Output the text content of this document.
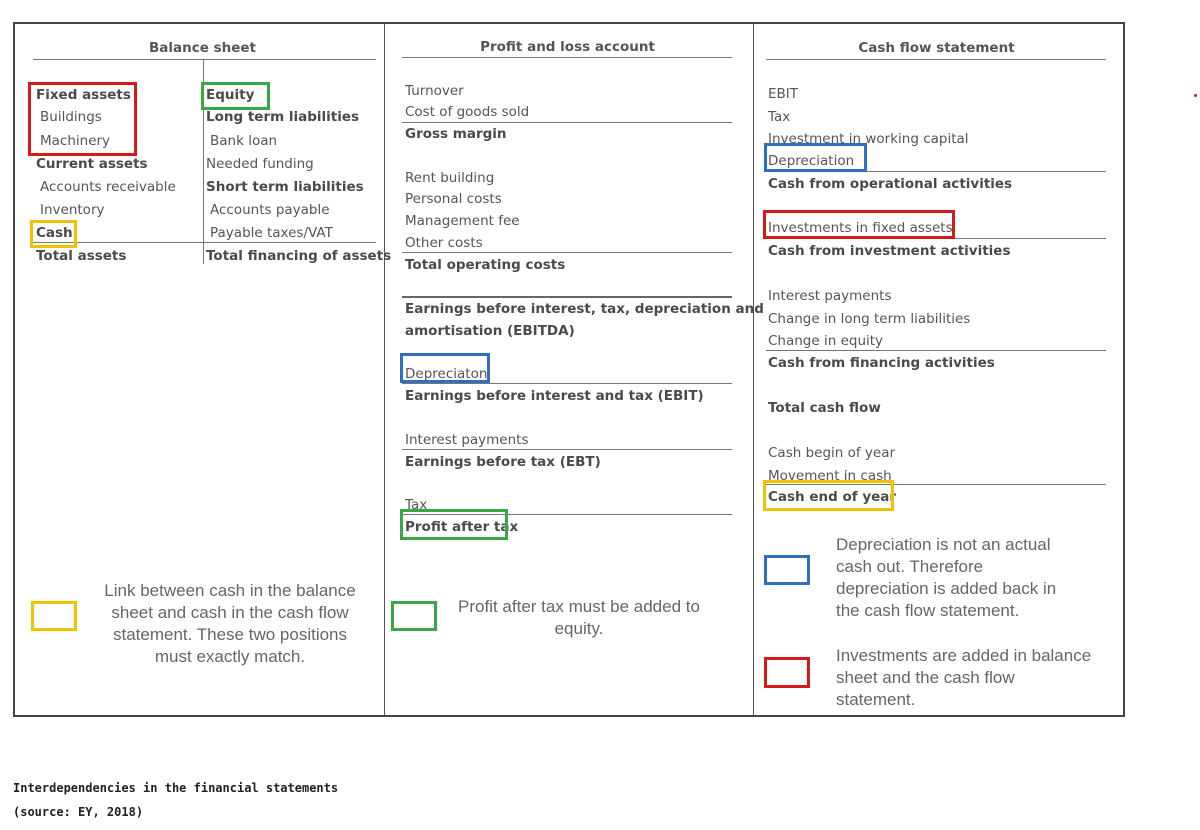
Balance sheet
Fixed assets
Buildings
Machinery
Current assets
Accounts receivable
Inventory
Cash
Total assets
Equity
Long term liabilities
Bank loan
Needed funding
Short term liabilities
Accounts payable
Payable taxes/VAT
Total financing of assets
Profit and loss account
Turnover
Cost of goods sold
Gross margin
Rent building
Personal costs
Management fee
Other costs
Total operating costs
Earnings before interest, tax, depreciation and
amortisation (EBITDA)
Depreciaton
Earnings before interest and tax (EBIT)
Interest payments
Earnings before tax (EBT)
Tax
Profit after tax
Cash flow statement
EBIT
Tax
Investment in working capital
Depreciation
Cash from operational activities
Investments in fixed assets
Cash from investment activities
Interest payments
Change in long term liabilities
Change in equity
Cash from financing activities
Total cash flow
Cash begin of year
Movement in cash
Cash end of year
Link between cash in the balance
sheet and cash in the cash flow
statement. These two positions
must exactly match.
Profit after tax must be added to
equity.
Depreciation is not an actual
cash out. Therefore
depreciation is added back in
the cash flow statement.
Investments are added in balance
sheet and the cash flow
statement.
Interdependencies in the financial statements
(source: EY, 2018)
